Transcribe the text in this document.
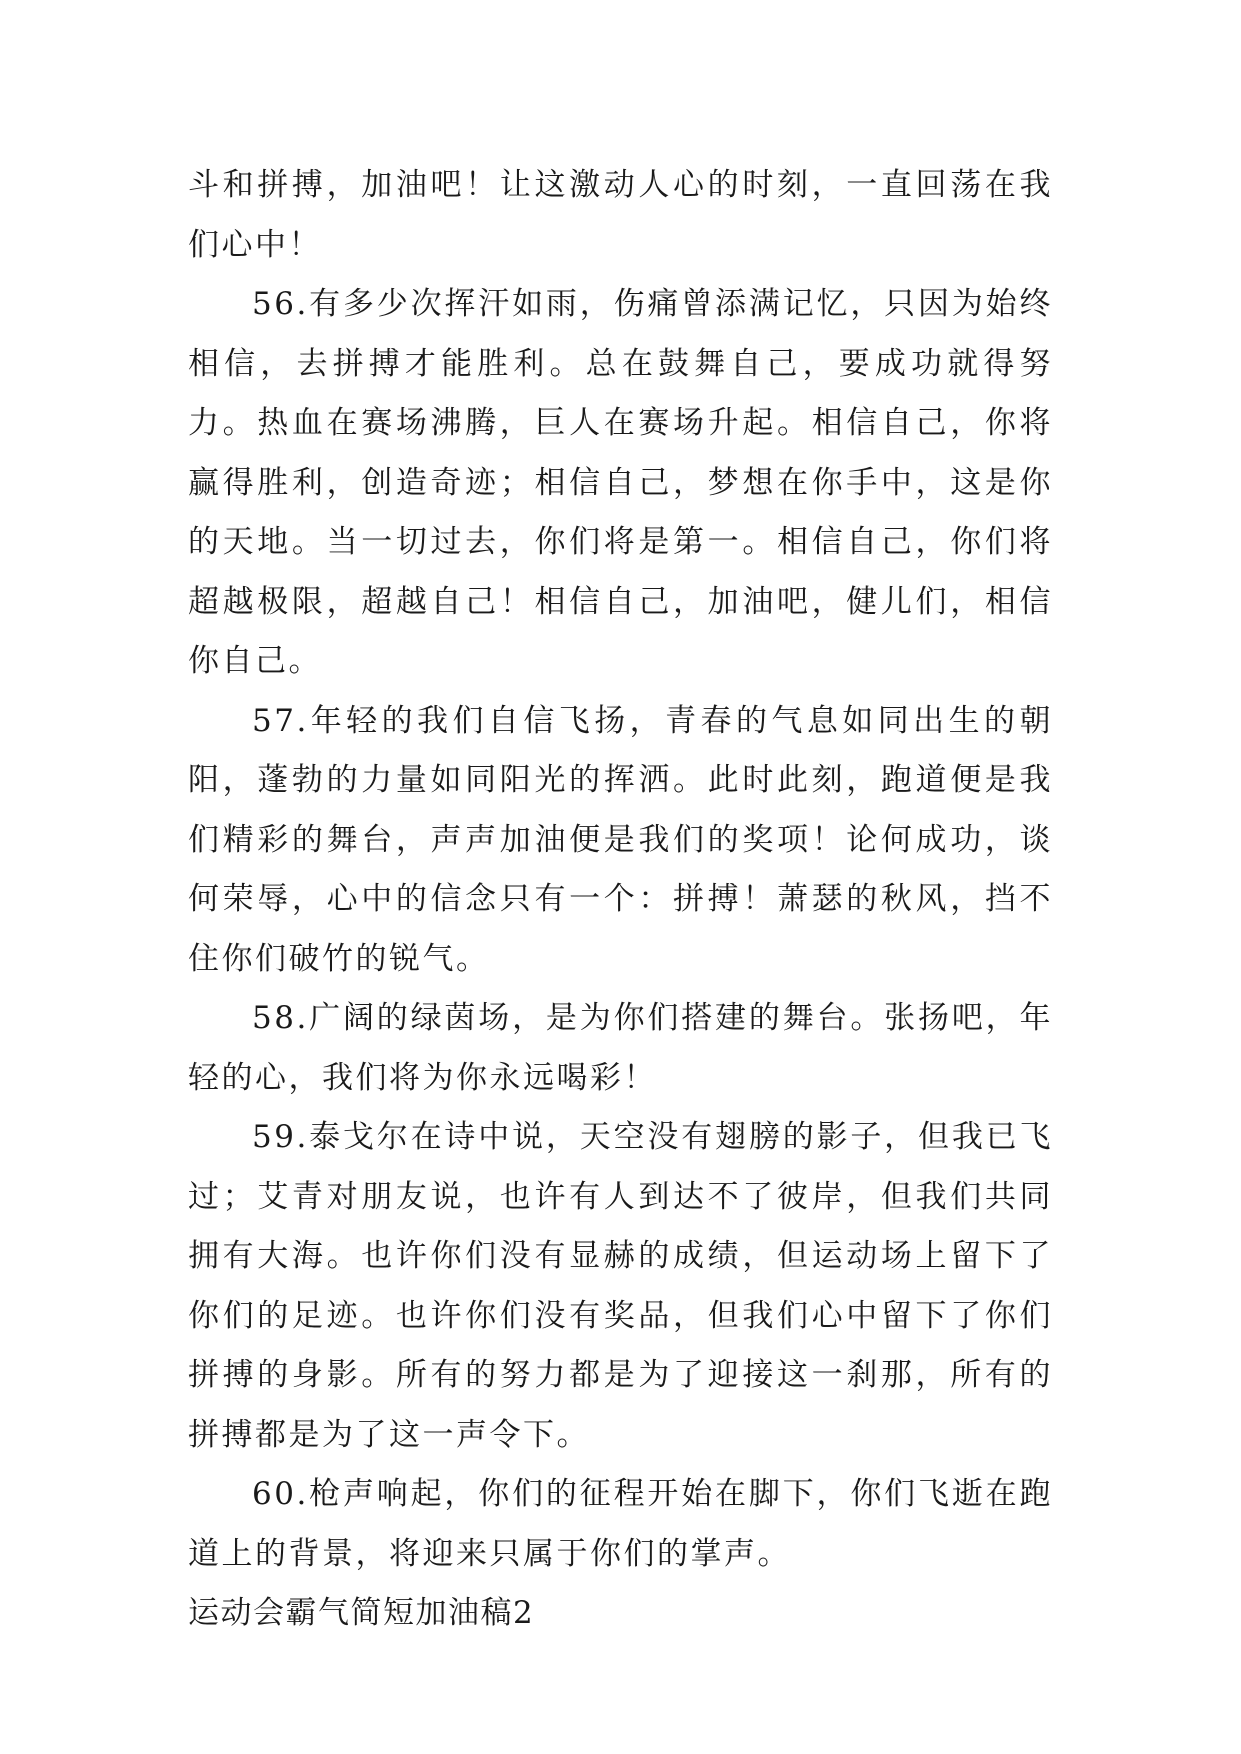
斗和拼搏，加油吧！让这激动人心的时刻，一直回荡在我们心中！

56.有多少次挥汗如雨，伤痛曾添满记忆，只因为始终相信，去拼搏才能胜利。总在鼓舞自己，要成功就得努力。热血在赛场沸腾，巨人在赛场升起。相信自己，你将赢得胜利，创造奇迹；相信自己，梦想在你手中，这是你的天地。当一切过去，你们将是第一。相信自己，你们将超越极限，超越自己！相信自己，加油吧，健儿们，相信你自己。

57.年轻的我们自信飞扬，青春的气息如同出生的朝阳，蓬勃的力量如同阳光的挥洒。此时此刻，跑道便是我们精彩的舞台，声声加油便是我们的奖项！论何成功，谈何荣辱，心中的信念只有一个：拼搏！萧瑟的秋风，挡不住你们破竹的锐气。

58.广阔的绿茵场，是为你们搭建的舞台。张扬吧，年轻的心，我们将为你永远喝彩！

59.泰戈尔在诗中说，天空没有翅膀的影子，但我已飞过；艾青对朋友说，也许有人到达不了彼岸，但我们共同拥有大海。也许你们没有显赫的成绩，但运动场上留下了你们的足迹。也许你们没有奖品，但我们心中留下了你们拼搏的身影。所有的努力都是为了迎接这一刹那，所有的拼搏都是为了这一声令下。

60.枪声响起，你们的征程开始在脚下，你们飞逝在跑道上的背景，将迎来只属于你们的掌声。

运动会霸气简短加油稿2
